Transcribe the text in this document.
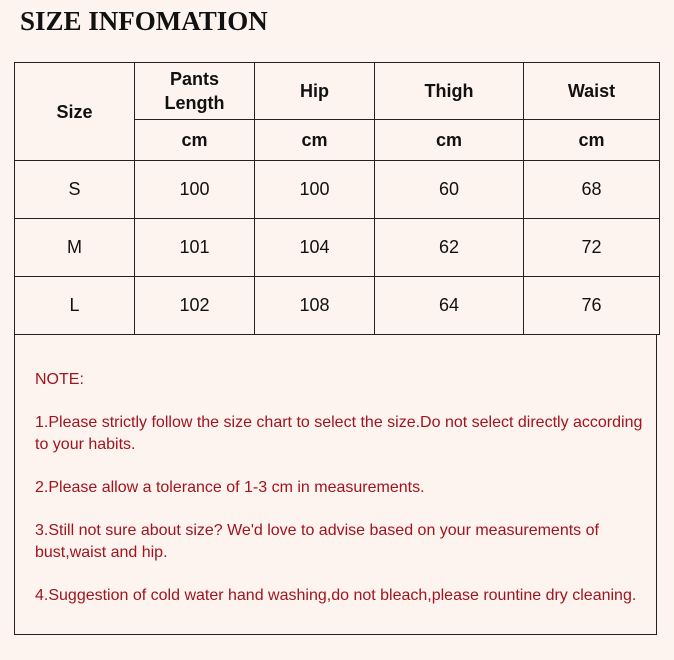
SIZE INFOMATION
Size	Pants Length	Hip	Thigh	Waist
	cm	cm	cm	cm
S	100	100	60	68
M	101	104	62	72
L	102	108	64	76

NOTE:

1.Please strictly follow the size chart to select the size.Do not select directly according to your habits.

2.Please allow a tolerance of 1-3 cm in measurements.

3.Still not sure about size? We'd love to advise based on your measurements of bust,waist and hip.

4.Suggestion of cold water hand washing,do not bleach,please rountine dry cleaning.
